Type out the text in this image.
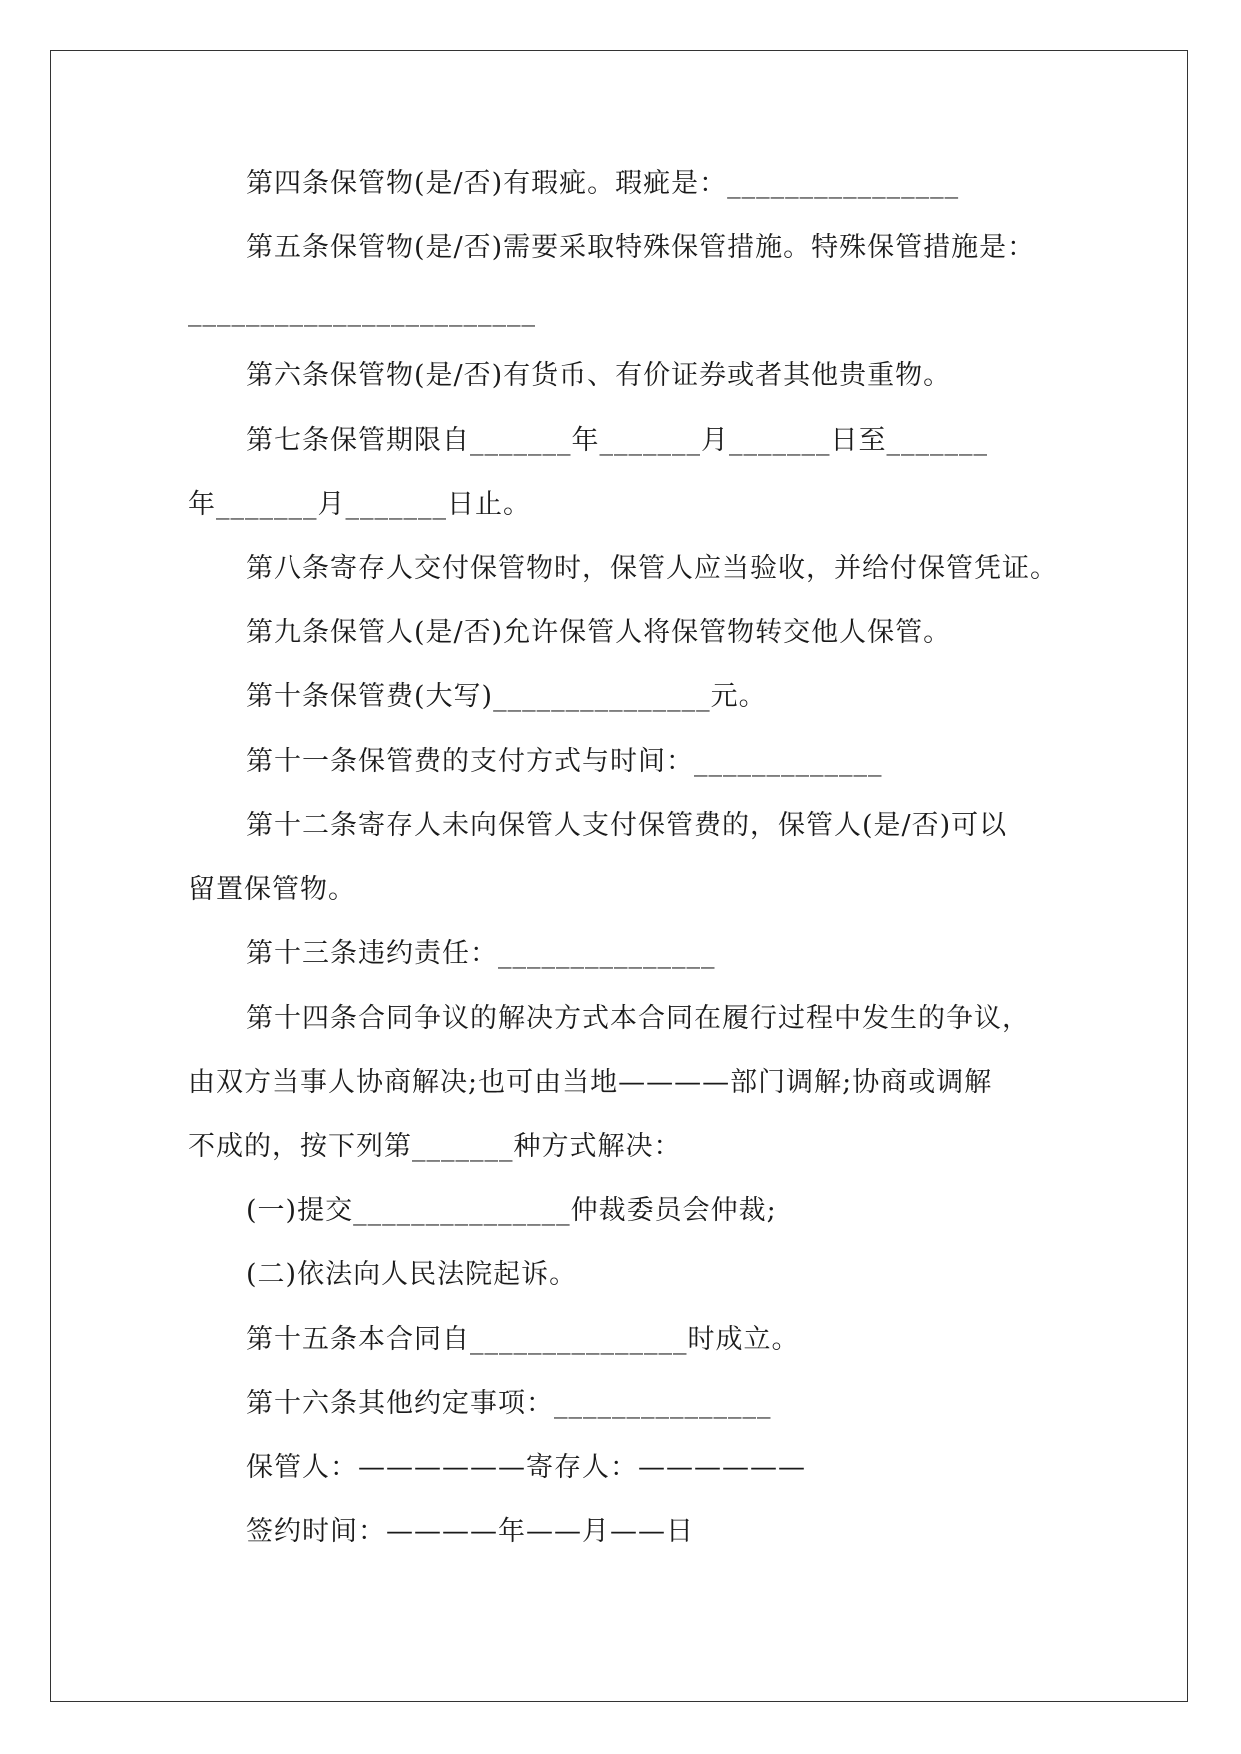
第四条保管物(是/否)有瑕疵。瑕疵是：________________
第五条保管物(是/否)需要采取特殊保管措施。特殊保管措施是：
________________________
第六条保管物(是/否)有货币、有价证券或者其他贵重物。
第七条保管期限自_______年_______月_______日至_______
年_______月_______日止。
第八条寄存人交付保管物时，保管人应当验收，并给付保管凭证。
第九条保管人(是/否)允许保管人将保管物转交他人保管。
第十条保管费(大写)_______________元。
第十一条保管费的支付方式与时间：_____________
第十二条寄存人未向保管人支付保管费的，保管人(是/否)可以
留置保管物。
第十三条违约责任：_______________
第十四条合同争议的解决方式本合同在履行过程中发生的争议，
由双方当事人协商解决;也可由当地————部门调解;协商或调解
不成的，按下列第_______种方式解决：
(一)提交_______________仲裁委员会仲裁;
(二)依法向人民法院起诉。
第十五条本合同自_______________时成立。
第十六条其他约定事项：_______________
保管人：——————寄存人：——————
签约时间：————年——月——日
